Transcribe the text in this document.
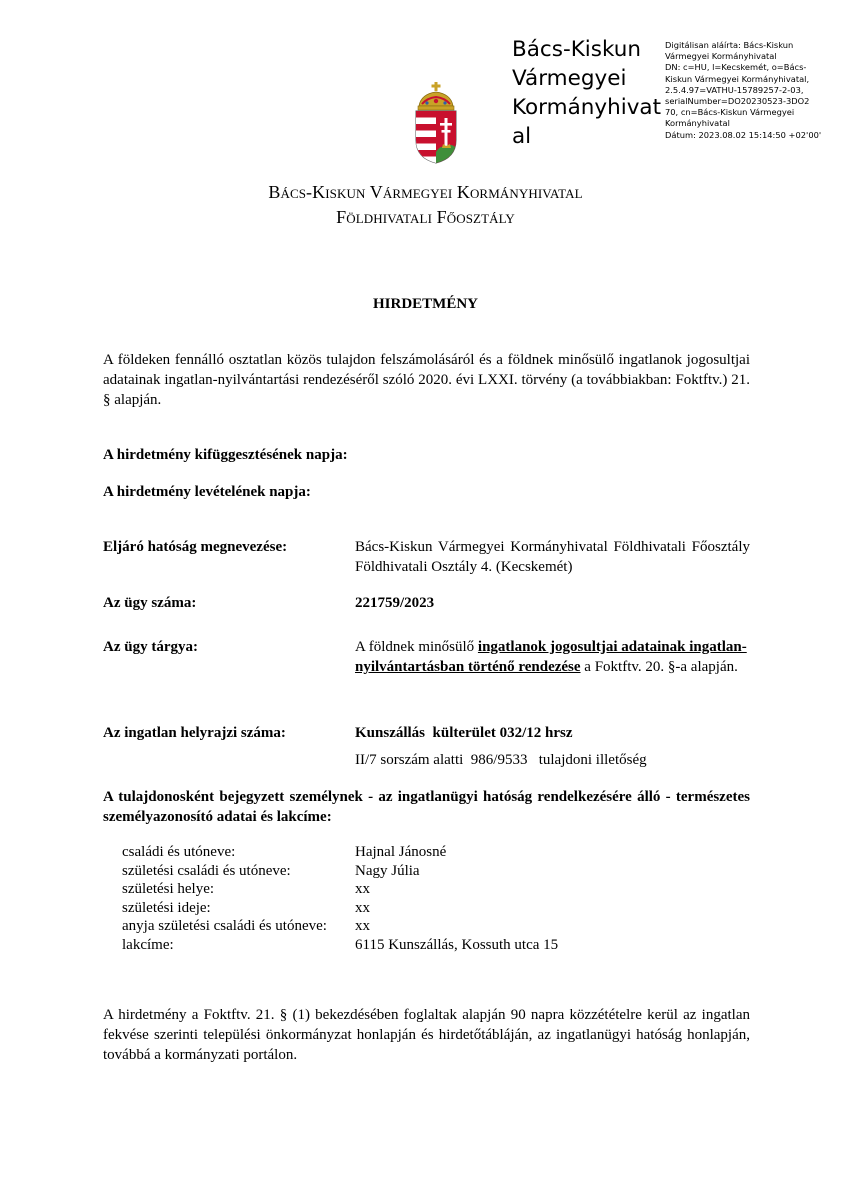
Bács-Kiskun
Vármegyei
Kormányhivat
al
Digitálisan aláírta: Bács-Kiskun
Vármegyei Kormányhivatal
DN: c=HU, l=Kecskemét, o=Bács-
Kiskun Vármegyei Kormányhivatal,
2.5.4.97=VATHU-15789257-2-03,
serialNumber=DO20230523-3DO2
70, cn=Bács-Kiskun Vármegyei
Kormányhivatal
Dátum: 2023.08.02 15:14:50 +02'00'
Bács-Kiskun Vármegyei Kormányhivatal
Földhivatali Főosztály
HIRDETMÉNY
A földeken fennálló osztatlan közös tulajdon felszámolásáról és a földnek minősülő ingatlanok jogosultjai adatainak ingatlan-nyilvántartási rendezéséről szóló 2020. évi LXXI. törvény (a továbbiakban: Foktftv.) 21. § alapján.
A hirdetmény kifüggesztésének napja:
A hirdetmény levételének napja:
Eljáró hatóság megnevezése:	Bács-Kiskun Vármegyei Kormányhivatal Földhivatali Főosztály Földhivatali Osztály 4. (Kecskemét)
Az ügy száma:	221759/2023
Az ügy tárgya:	A földnek minősülő ingatlanok jogosultjai adatainak ingatlan-nyilvántartásban történő rendezése a Foktftv. 20. §-a alapján.
Az ingatlan helyrajzi száma:	Kunszállás  külterület 032/12 hrsz
II/7 sorszám alatti  986/9533   tulajdoni illetőség
A tulajdonosként bejegyzett személynek - az ingatlanügyi hatóság rendelkezésére álló - természetes személyazonosító adatai és lakcíme:
családi és utóneve:	Hajnal Jánosné
születési családi és utóneve:	Nagy Júlia
születési helye:	xx
születési ideje:	xx
anyja születési családi és utóneve: xx
lakcíme:	6115 Kunszállás, Kossuth utca 15
A hirdetmény a Foktftv. 21. § (1) bekezdésében foglaltak alapján 90 napra közzétételre kerül az ingatlan fekvése szerinti települési önkormányzat honlapján és hirdetőtábláján, az ingatlanügyi hatóság honlapján, továbbá a kormányzati portálon.
